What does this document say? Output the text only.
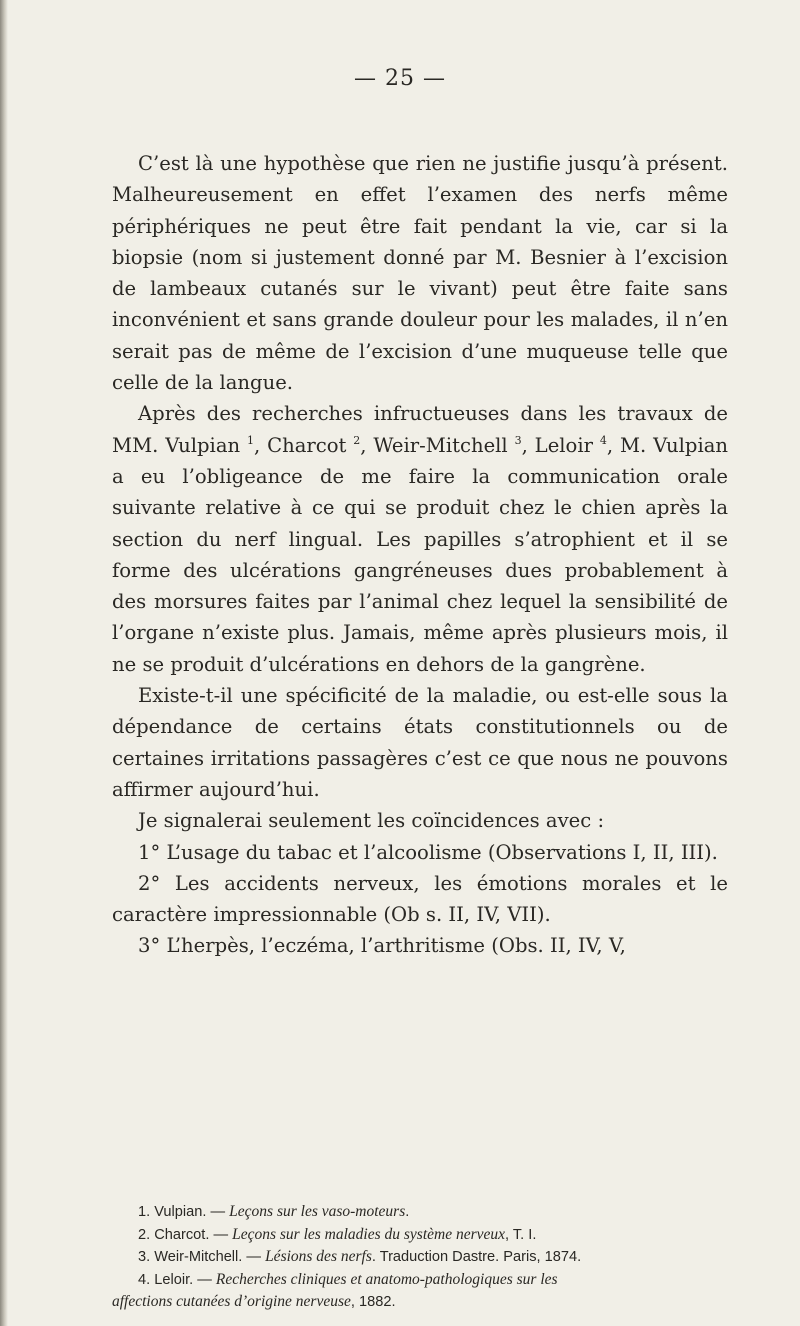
— 25 —

C’est là une hypothèse que rien ne justifie jusqu’à présent. Malheureusement en effet l’examen des nerfs même périphériques ne peut être fait pendant la vie, car si la biopsie (nom si justement donné par M. Besnier à l’excision de lambeaux cutanés sur le vivant) peut être faite sans inconvénient et sans grande douleur pour les malades, il n’en serait pas de même de l’excision d’une muqueuse telle que celle de la langue.

Après des recherches infructueuses dans les travaux de MM. Vulpian $^1$, Charcot $^2$, Weir-Mitchell $^3$, Leloir $^4$, M. Vulpian a eu l’obligeance de me faire la communication orale suivante relative à ce qui se produit chez le chien après la section du nerf lingual. Les papilles s’atrophient et il se forme des ulcérations gangréneuses dues probablement à des morsures faites par l’animal chez lequel la sensibilité de l’organe n’existe plus. Jamais, même après plusieurs mois, il ne se produit d’ulcérations en dehors de la gangrène.

Existe-t-il une spécificité de la maladie, ou est-elle sous la dépendance de certains états constitutionnels ou de certaines irritations passagères c’est ce que nous ne pouvons affirmer aujourd’hui.

Je signalerai seulement les coïncidences avec :

1° L’usage du tabac et l’alcoolisme (Observations I, II, III).

2° Les accidents nerveux, les émotions morales et le caractère impressionnable (Ob s. II, IV, VII).

3° L’herpès, l’eczéma, l’arthritisme (Obs. II, IV, V,

1. Vulpian. — Leçons sur les vaso-moteurs.

2. Charcot. — Leçons sur les maladies du système nerveux, T. I.

3. Weir-Mitchell. — Lésions des nerfs. Traduction Dastre. Paris, 1874.

4. Leloir. — Recherches cliniques et anatomo-pathologiques sur les

affections cutanées d’origine nerveuse, 1882.
